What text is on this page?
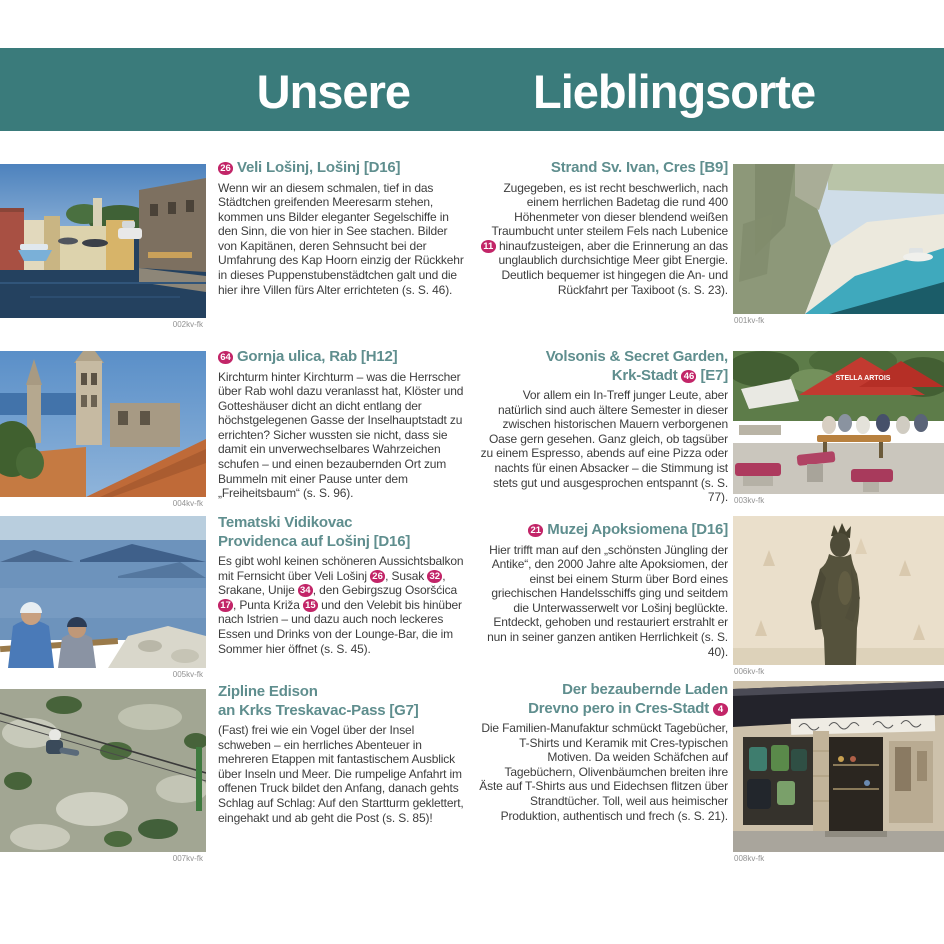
Unsere	Lieblingsorte
002kv-fk
004kv-fk
005kv-fk
007kv-fk
001kv-fk
STELLA ARTOIS
003kv-fk
006kv-fk
008kv-fk
26 Veli Lošinj, Lošinj [D16]

Wenn wir an diesem schmalen, tief in das Städtchen greifenden Meeresarm stehen, kommen uns Bilder eleganter Segelschiffe in den Sinn, die von hier in See stachen. Bilder von Kapitänen, deren Sehnsucht bei der Umfahrung des Kap Hoorn einzig der Rückkehr in dieses Puppenstubenstädtchen galt und die hier ihre Villen fürs Alter errichteten (s. S. 46).

64 Gornja ulica, Rab [H12]

Kirchturm hinter Kirchturm – was die Herrscher über Rab wohl dazu veranlasst hat, Klöster und Gotteshäuser dicht an dicht entlang der höchstgelegenen Gasse der Inselhauptstadt zu errichten? Sicher wussten sie nicht, dass sie damit ein unverwechselbares Wahrzeichen schufen – und einen bezaubernden Ort zum Bummeln mit einer Pause unter dem „Freiheitsbaum“ (s. S. 96).

Tematski Vidikovac
Providenca auf Lošinj [D16]

Es gibt wohl keinen schöneren Aussichtsbalkon mit Fernsicht über Veli Lošinj 26 , Susak 32 , Srakane, Unije 34 , den Gebirgszug Osoršćica 17 , Punta Križa 15 und den Velebit bis hinüber nach Istrien – und dazu auch noch leckeres Essen und Drinks von der Lounge-Bar, die im Sommer hier öffnet (s. S. 45).

Zipline Edison
an Krks Treskavac-Pass [G7]

(Fast) frei wie ein Vogel über der Insel schweben – ein herrliches Abenteuer in mehreren Etappen mit fantastischem Ausblick über Inseln und Meer. Die rumpelige Anfahrt im offenen Truck bildet den Anfang, danach gehts Schlag auf Schlag: Auf den Startturm geklettert, eingehakt und ab geht die Post (s. S. 85)!

Strand Sv. Ivan, Cres [B9]

Zugegeben, es ist recht beschwerlich, nach einem herrlichen Badetag die rund 400 Höhenmeter von dieser blendend weißen Traumbucht unter steilem Fels nach Lubenice 11 hinaufzusteigen, aber die Erinnerung an das unglaublich durchsichtige Meer gibt Energie. Deutlich bequemer ist hingegen die An- und Rückfahrt per Taxiboot (s. S. 23).

Volsonis & Secret Garden,
Krk-Stadt 46 [E7]

Vor allem ein In-Treff junger Leute, aber natürlich sind auch ältere Semester in dieser zwischen historischen Mauern verborgenen Oase gern gesehen. Ganz gleich, ob tagsüber zu einem Espresso, abends auf eine Pizza oder nachts für einen Absacker – die Stimmung ist stets gut und ausgesprochen entspannt (s. S. 77).

21 Muzej Apoksiomena [D16]

Hier trifft man auf den „schönsten Jüngling der Antike“, den 2000 Jahre alte Apoksiomen, der einst bei einem Sturm über Bord eines griechischen Handelsschiffs ging und seitdem die Unterwasserwelt vor Lošinj beglückte. Entdeckt, gehoben und restauriert erstrahlt er nun in seiner ganzen antiken Herrlichkeit (s. S. 40).

Der bezaubernde Laden
Drevno pero in Cres-Stadt 4

Die Familien-Manufaktur schmückt Tagebücher, T-Shirts und Keramik mit Cres-typischen Motiven. Da weiden Schäfchen auf Tagebüchern, Olivenbäumchen breiten ihre Äste auf T-Shirts aus und Eidechsen flitzen über Strandtücher. Toll, weil aus heimischer Produktion, authentisch und frech (s. S. 21).
